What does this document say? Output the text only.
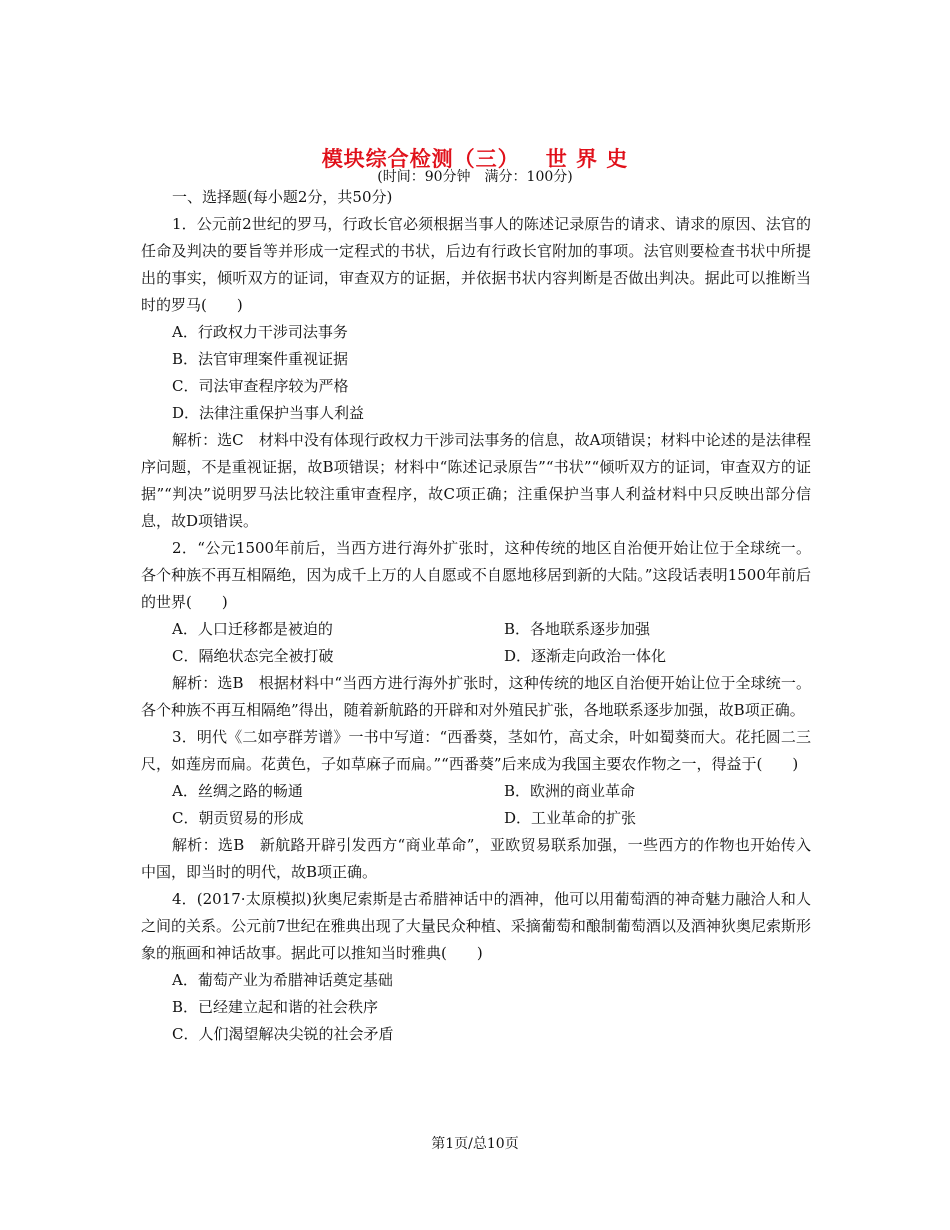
模块综合检测（三） 世 界 史
(时间：90分钟　满分：100分)

一、选择题(每小题2分，共50分)

1．公元前2世纪的罗马，行政长官必须根据当事人的陈述记录原告的请求、请求的原因、法官的任命及判决的要旨等并形成一定程式的书状，后边有行政长官附加的事项。法官则要检查书状中所提出的事实，倾听双方的证词，审查双方的证据，并依据书状内容判断是否做出判决。据此可以推断当时的罗马(　　)

A．行政权力干涉司法事务

B．法官审理案件重视证据

C．司法审查程序较为严格

D．法律注重保护当事人利益

解析：选C　材料中没有体现行政权力干涉司法事务的信息，故A项错误；材料中论述的是法律程序问题，不是重视证据，故B项错误；材料中“陈述记录原告”“书状”“倾听双方的证词，审查双方的证据”“判决”说明罗马法比较注重审查程序，故C项正确；注重保护当事人利益材料中只反映出部分信息，故D项错误。

2．“公元1500年前后，当西方进行海外扩张时，这种传统的地区自治便开始让位于全球统一。各个种族不再互相隔绝，因为成千上万的人自愿或不自愿地移居到新的大陆。”这段话表明1500年前后的世界(　　)

A．人口迁移都是被迫的	B．各地联系逐步加强

C．隔绝状态完全被打破	D．逐渐走向政治一体化

解析：选B　根据材料中“当西方进行海外扩张时，这种传统的地区自治便开始让位于全球统一。各个种族不再互相隔绝”得出，随着新航路的开辟和对外殖民扩张，各地联系逐步加强，故B项正确。

3．明代《二如亭群芳谱》一书中写道：“西番葵，茎如竹，高丈余，叶如蜀葵而大。花托圆二三尺，如莲房而扁。花黄色，子如草麻子而扁。”“西番葵”后来成为我国主要农作物之一，得益于(　　)

A．丝绸之路的畅通	B．欧洲的商业革命

C．朝贡贸易的形成	D．工业革命的扩张

解析：选B　新航路开辟引发西方“商业革命”，亚欧贸易联系加强，一些西方的作物也开始传入中国，即当时的明代，故B项正确。

4．(2017·太原模拟)狄奥尼索斯是古希腊神话中的酒神，他可以用葡萄酒的神奇魅力融洽人和人之间的关系。公元前7世纪在雅典出现了大量民众种植、采摘葡萄和酿制葡萄酒以及酒神狄奥尼索斯形象的瓶画和神话故事。据此可以推知当时雅典(　　)

A．葡萄产业为希腊神话奠定基础

B．已经建立起和谐的社会秩序

C．人们渴望解决尖锐的社会矛盾

第1页/总10页
